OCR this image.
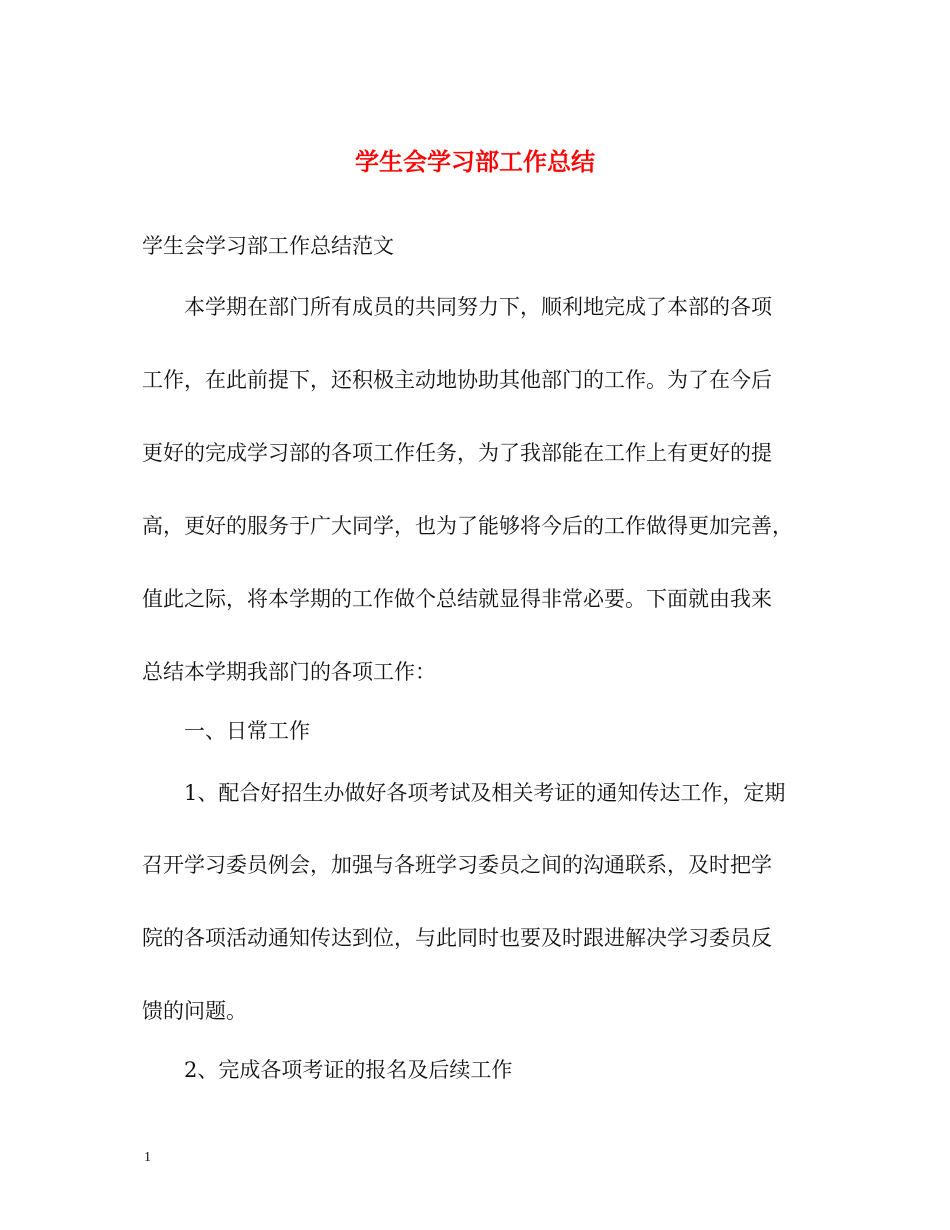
学生会学习部工作总结
学生会学习部工作总结范文
本学期在部门所有成员的共同努力下，顺利地完成了本部的各项
工作，在此前提下，还积极主动地协助其他部门的工作。为了在今后
更好的完成学习部的各项工作任务，为了我部能在工作上有更好的提
高，更好的服务于广大同学，也为了能够将今后的工作做得更加完善，
值此之际，将本学期的工作做个总结就显得非常必要。下面就由我来
总结本学期我部门的各项工作：
一、日常工作
1、配合好招生办做好各项考试及相关考证的通知传达工作，定期
召开学习委员例会，加强与各班学习委员之间的沟通联系，及时把学
院的各项活动通知传达到位，与此同时也要及时跟进解决学习委员反
馈的问题。
2、完成各项考证的报名及后续工作
1
